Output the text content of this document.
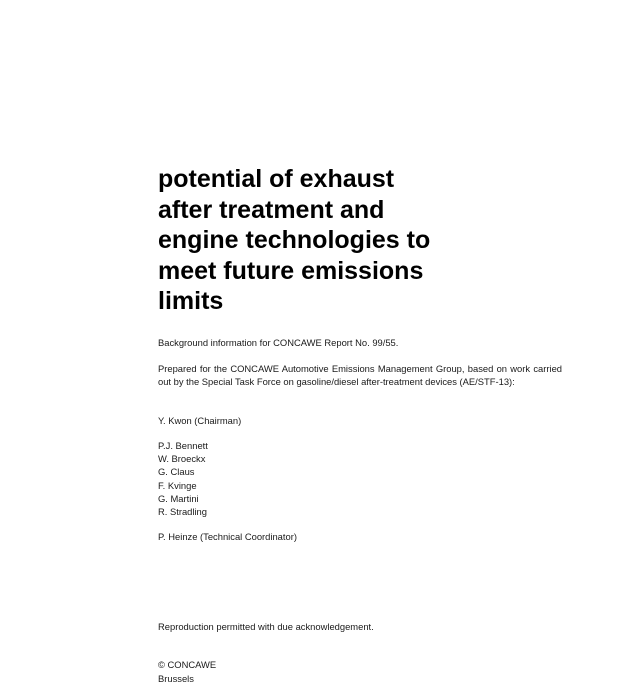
potential of exhaust
after treatment and
engine technologies to
meet future emissions
limits

Background information for CONCAWE Report No. 99/55.

Prepared for the CONCAWE Automotive Emissions Management Group, based on work carried out by the Special Task Force on gasoline/diesel after-treatment devices (AE/STF-13):

Y. Kwon (Chairman)

P.J. Bennett
W. Broeckx
G. Claus
F. Kvinge
G. Martini
R. Stradling

P. Heinze (Technical Coordinator)

Reproduction permitted with due acknowledgement.

© CONCAWE

Brussels
